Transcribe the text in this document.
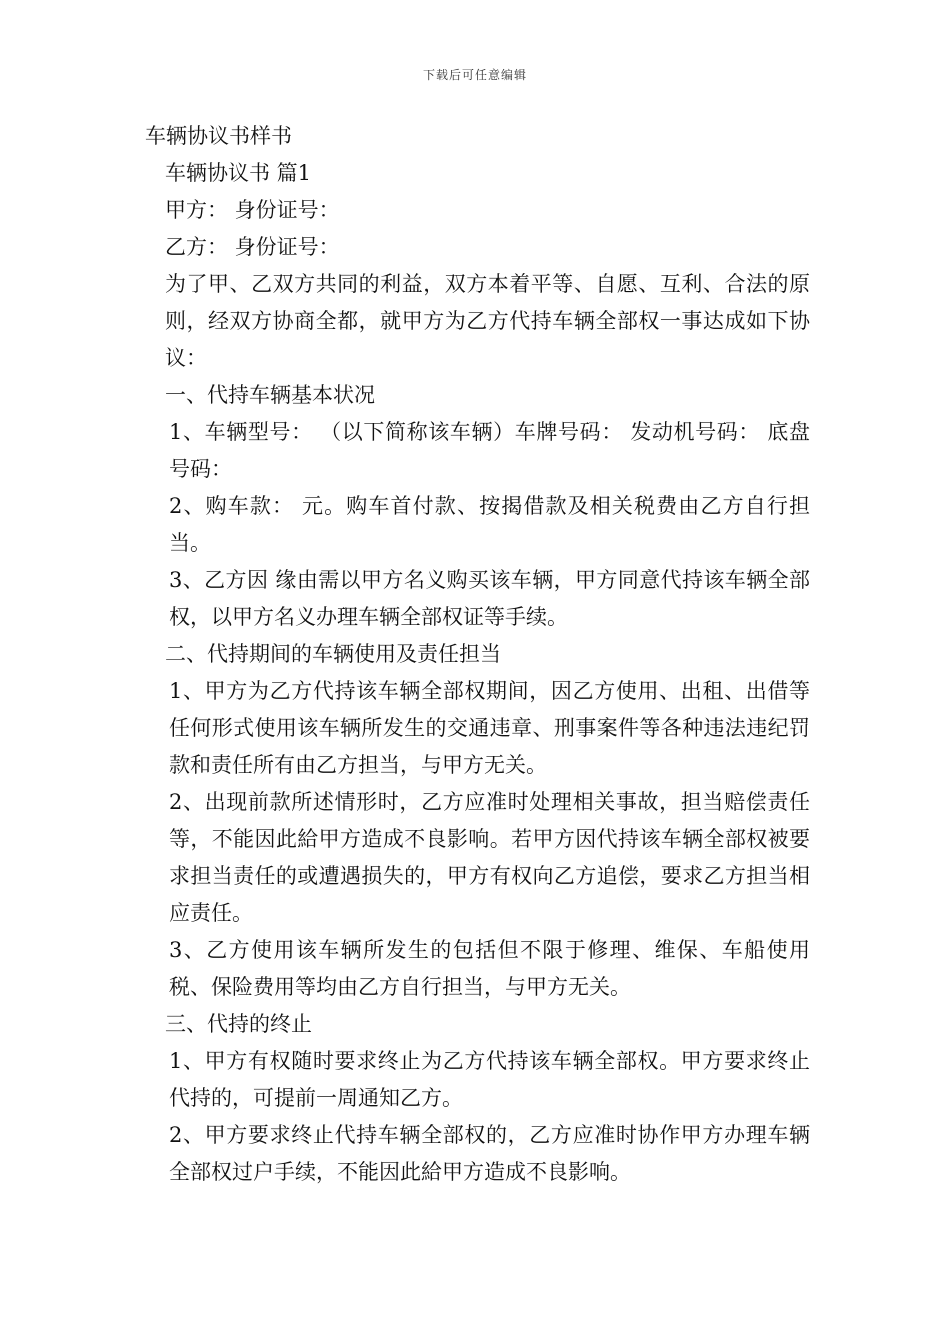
下载后可任意编辑

车辆协议书样书

车辆协议书 篇1

甲方： 身份证号：

乙方： 身份证号：

为了甲、乙双方共同的利益，双方本着平等、自愿、互利、合法的原则，经双方协商全都，就甲方为乙方代持车辆全部权一事达成如下协议：

一、代持车辆基本状况

1、车辆型号： （以下简称该车辆）车牌号码： 发动机号码： 底盘号码：

2、购车款： 元。购车首付款、按揭借款及相关税费由乙方自行担当。

3、乙方因 缘由需以甲方名义购买该车辆，甲方同意代持该车辆全部权，以甲方名义办理车辆全部权证等手续。

二、代持期间的车辆使用及责任担当

1、甲方为乙方代持该车辆全部权期间，因乙方使用、出租、出借等任何形式使用该车辆所发生的交通违章、刑事案件等各种违法违纪罚款和责任所有由乙方担当，与甲方无关。

2、出现前款所述情形时，乙方应准时处理相关事故，担当赔偿责任等，不能因此給甲方造成不良影响。若甲方因代持该车辆全部权被要求担当责任的或遭遇损失的，甲方有权向乙方追偿，要求乙方担当相应责任。

3、乙方使用该车辆所发生的包括但不限于修理、维保、车船使用税、保险费用等均由乙方自行担当，与甲方无关。

三、代持的终止

1、甲方有权随时要求终止为乙方代持该车辆全部权。甲方要求终止代持的，可提前一周通知乙方。

2、甲方要求终止代持车辆全部权的，乙方应准时协作甲方办理车辆全部权过户手续，不能因此給甲方造成不良影响。
